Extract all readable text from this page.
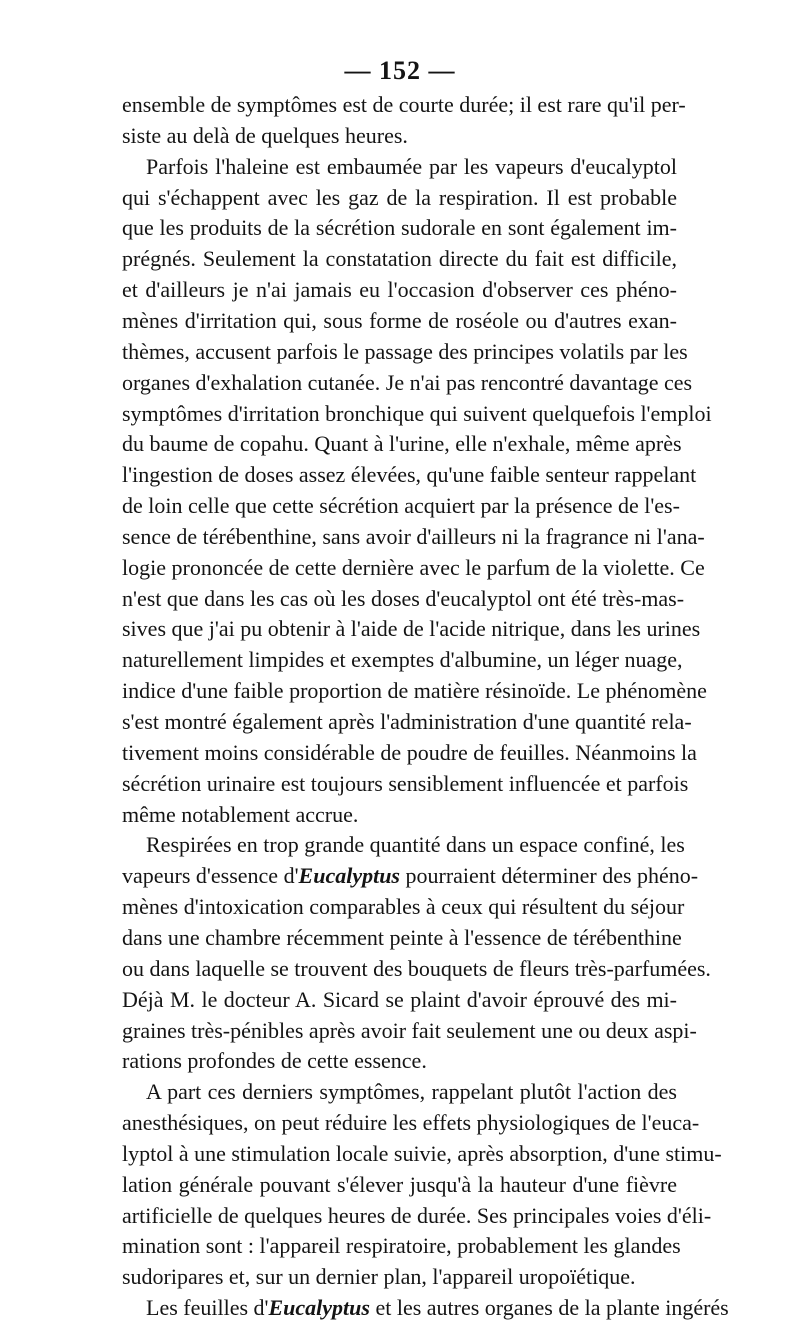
— 152 —
ensemble de symptômes est de courte durée; il est rare qu'il per-
siste au delà de quelques heures.
Parfois l'haleine est embaumée par les vapeurs d'eucalyptol
qui s'échappent avec les gaz de la respiration. Il est probable
que les produits de la sécrétion sudorale en sont également im-
prégnés. Seulement la constatation directe du fait est difficile,
et d'ailleurs je n'ai jamais eu l'occasion d'observer ces phéno-
mènes d'irritation qui, sous forme de roséole ou d'autres exan-
thèmes, accusent parfois le passage des principes volatils par les
organes d'exhalation cutanée. Je n'ai pas rencontré davantage ces
symptômes d'irritation bronchique qui suivent quelquefois l'emploi
du baume de copahu. Quant à l'urine, elle n'exhale, même après
l'ingestion de doses assez élevées, qu'une faible senteur rappelant
de loin celle que cette sécrétion acquiert par la présence de l'es-
sence de térébenthine, sans avoir d'ailleurs ni la fragrance ni l'ana-
logie prononcée de cette dernière avec le parfum de la violette. Ce
n'est que dans les cas où les doses d'eucalyptol ont été très-mas-
sives que j'ai pu obtenir à l'aide de l'acide nitrique, dans les urines
naturellement limpides et exemptes d'albumine, un léger nuage,
indice d'une faible proportion de matière résinoïde. Le phénomène
s'est montré également après l'administration d'une quantité rela-
tivement moins considérable de poudre de feuilles. Néanmoins la
sécrétion urinaire est toujours sensiblement influencée et parfois
même notablement accrue.
Respirées en trop grande quantité dans un espace confiné, les
vapeurs d'essence d'Eucalyptus pourraient déterminer des phéno-
mènes d'intoxication comparables à ceux qui résultent du séjour
dans une chambre récemment peinte à l'essence de térébenthine
ou dans laquelle se trouvent des bouquets de fleurs très-parfumées.
Déjà M. le docteur A. Sicard se plaint d'avoir éprouvé des mi-
graines très-pénibles après avoir fait seulement une ou deux aspi-
rations profondes de cette essence.
A part ces derniers symptômes, rappelant plutôt l'action des
anesthésiques, on peut réduire les effets physiologiques de l'euca-
lyptol à une stimulation locale suivie, après absorption, d'une stimu-
lation générale pouvant s'élever jusqu'à la hauteur d'une fièvre
artificielle de quelques heures de durée. Ses principales voies d'éli-
mination sont : l'appareil respiratoire, probablement les glandes
sudoripares et, sur un dernier plan, l'appareil uropoïétique.
Les feuilles d'Eucalyptus et les autres organes de la plante ingérés
